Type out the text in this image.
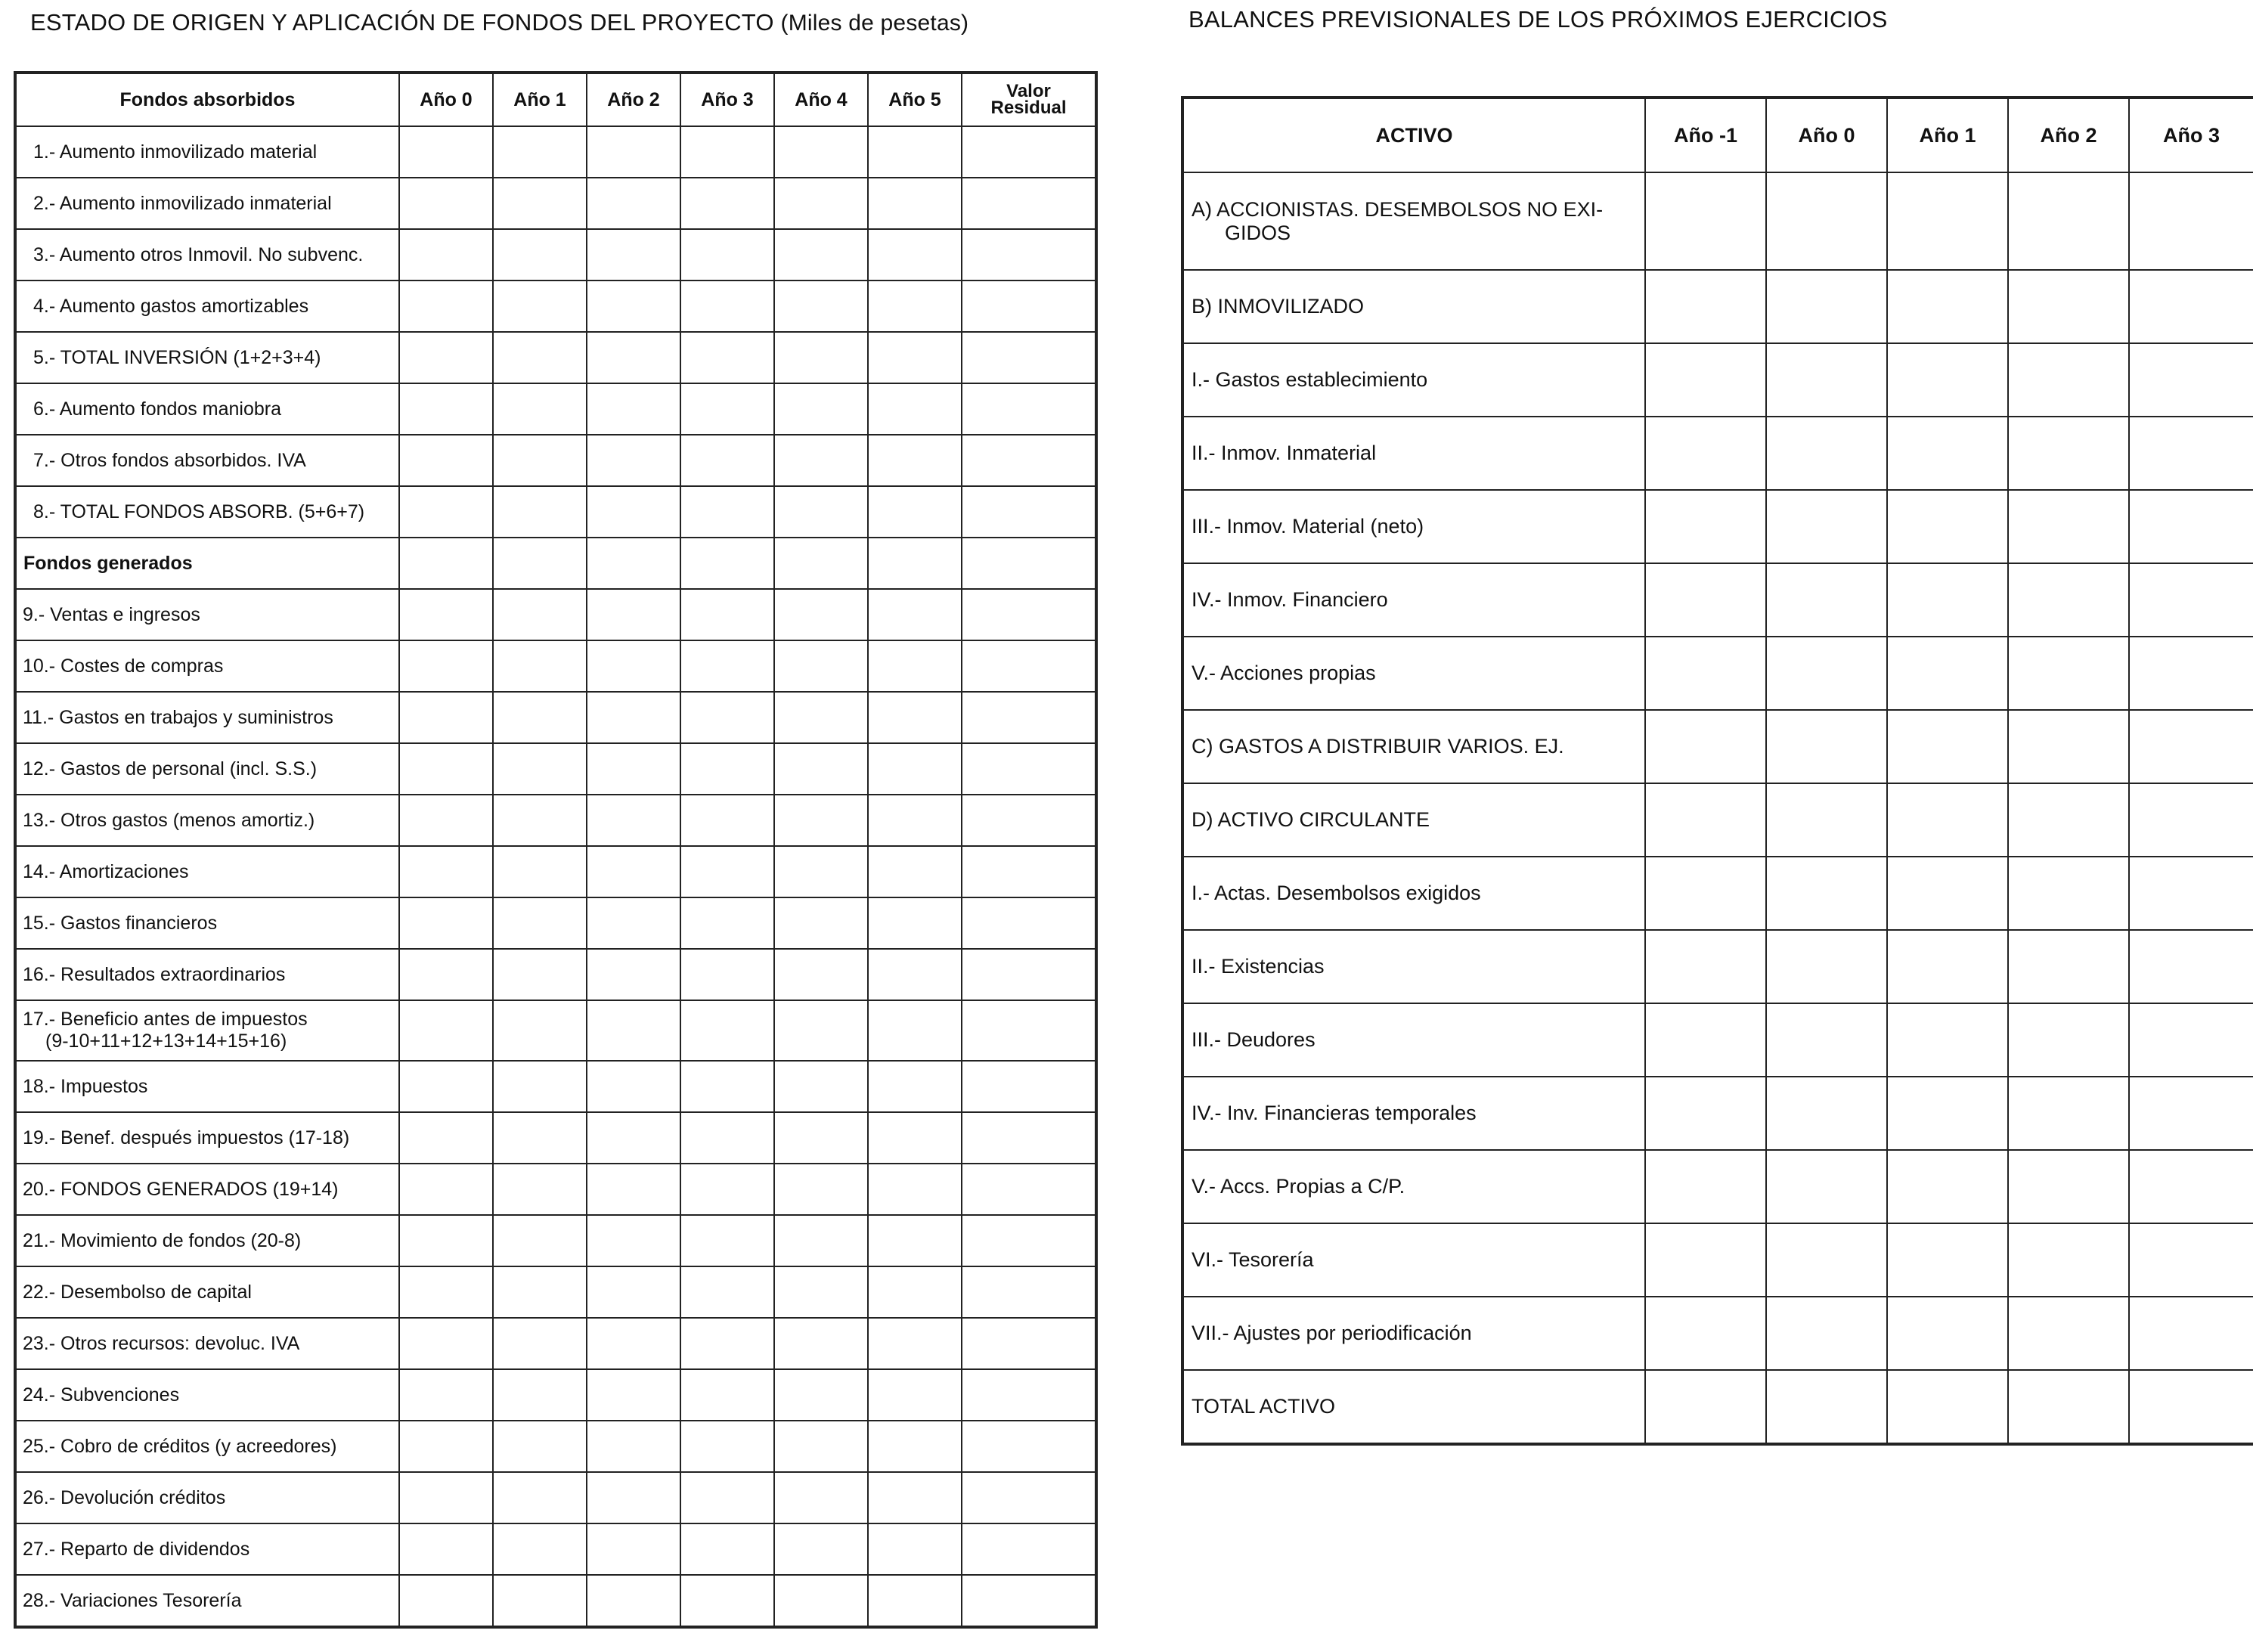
ESTADO DE ORIGEN Y APLICACIÓN DE FONDOS DEL PROYECTO (Miles de pesetas)	BALANCES PREVISIONALES DE LOS PRÓXIMOS EJERCICIOS
Fondos absorbidos	Año 0	Año 1	Año 2	Año 3	Año 4	Año 5	Valor
Residual
1.- Aumento inmovilizado material							
2.- Aumento inmovilizado inmaterial							
3.- Aumento otros Inmovil. No subvenc.							
4.- Aumento gastos amortizables							
5.- TOTAL INVERSIÓN (1+2+3+4)							
6.- Aumento fondos maniobra							
7.- Otros fondos absorbidos. IVA							
8.- TOTAL FONDOS ABSORB. (5+6+7)							
Fondos generados							
9.- Ventas e ingresos							
10.- Costes de compras							
11.- Gastos en trabajos y suministros							
12.- Gastos de personal (incl. S.S.)							
13.- Otros gastos (menos amortiz.)							
14.- Amortizaciones							
15.- Gastos financieros							
16.- Resultados extraordinarios							
17.- Beneficio antes de impuestos
(9-10+11+12+13+14+15+16)							

18.- Impuestos							
19.- Benef. después impuestos (17-18)							
20.- FONDOS GENERADOS (19+14)							
21.- Movimiento de fondos (20-8)							
22.- Desembolso de capital							
23.- Otros recursos: devoluc. IVA							
24.- Subvenciones							
25.- Cobro de créditos (y acreedores)							
26.- Devolución créditos							
27.- Reparto de dividendos							
28.- Variaciones Tesorería							
ACTIVO	Año -1	Año 0	Año 1	Año 2	Año 3
A) ACCIONISTAS. DESEMBOLSOS NO EXI-
GIDOS					

B) INMOVILIZADO					
I.- Gastos establecimiento					
II.- Inmov. Inmaterial					
III.- Inmov. Material (neto)					
IV.- Inmov. Financiero					
V.- Acciones propias					
C) GASTOS A DISTRIBUIR VARIOS. EJ.					
D) ACTIVO CIRCULANTE					
I.- Actas. Desembolsos exigidos					
II.- Existencias					
III.- Deudores					
IV.- Inv. Financieras temporales					
V.- Accs. Propias a C/P.					
VI.- Tesorería					
VII.- Ajustes por periodificación					
TOTAL ACTIVO					
